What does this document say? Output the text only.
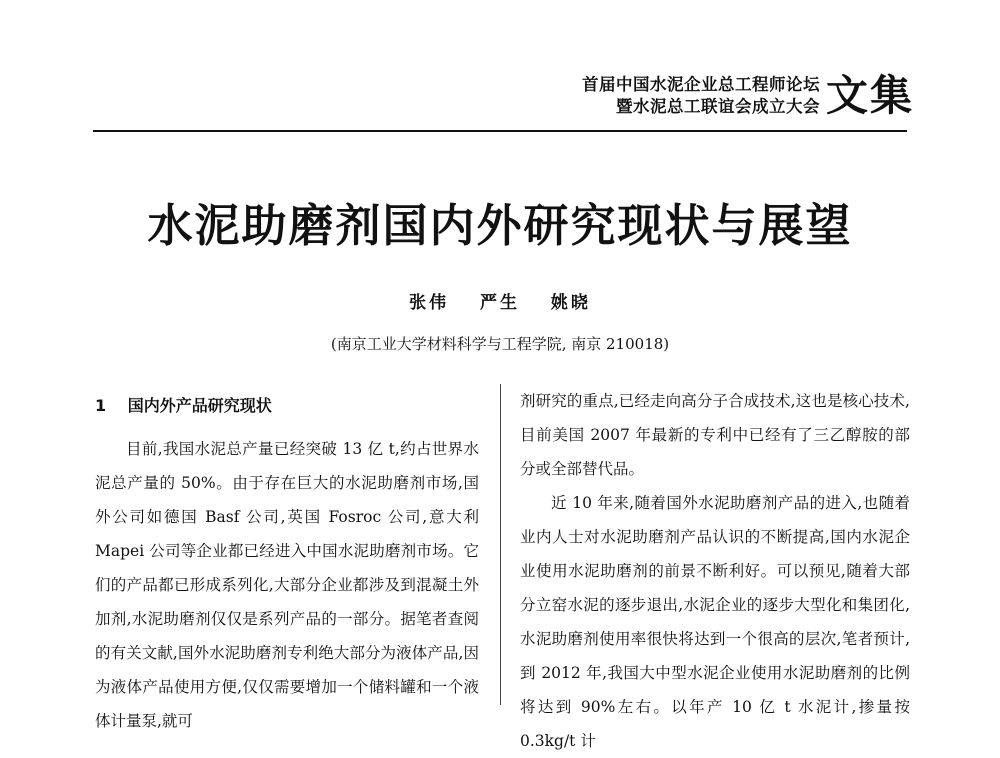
首届中国水泥企业总工程师论坛
暨水泥总工联谊会成立大会 文集
水泥助磨剂国内外研究现状与展望
张伟 严生 姚晓
(南京工业大学材料科学与工程学院, 南京 210018)
1 国内外产品研究现状

目前,我国水泥总产量已经突破 13 亿 t,约占世界水泥总产量的 50%。由于存在巨大的水泥助磨剂市场,国外公司如德国 Basf 公司,英国 Fosroc 公司,意大利 Mapei 公司等企业都已经进入中国水泥助磨剂市场。它们的产品都已形成系列化,大部分企业都涉及到混凝土外加剂,水泥助磨剂仅仅是系列产品的一部分。据笔者查阅的有关文献,国外水泥助磨剂专利绝大部分为液体产品,因为液体产品使用方便,仅仅需要增加一个储料罐和一个液体计量泵,就可

剂研究的重点,已经走向高分子合成技术,这也是核心技术,目前美国 2007 年最新的专利中已经有了三乙醇胺的部分或全部替代品。

近 10 年来,随着国外水泥助磨剂产品的进入,也随着业内人士对水泥助磨剂产品认识的不断提高,国内水泥企业使用水泥助磨剂的前景不断利好。可以预见,随着大部分立窑水泥的逐步退出,水泥企业的逐步大型化和集团化,水泥助磨剂使用率很快将达到一个很高的层次,笔者预计,到 2012 年,我国大中型水泥企业使用水泥助磨剂的比例将达到 90%左右。以年产 10 亿 t 水泥计,掺量按 0.3kg/t 计
